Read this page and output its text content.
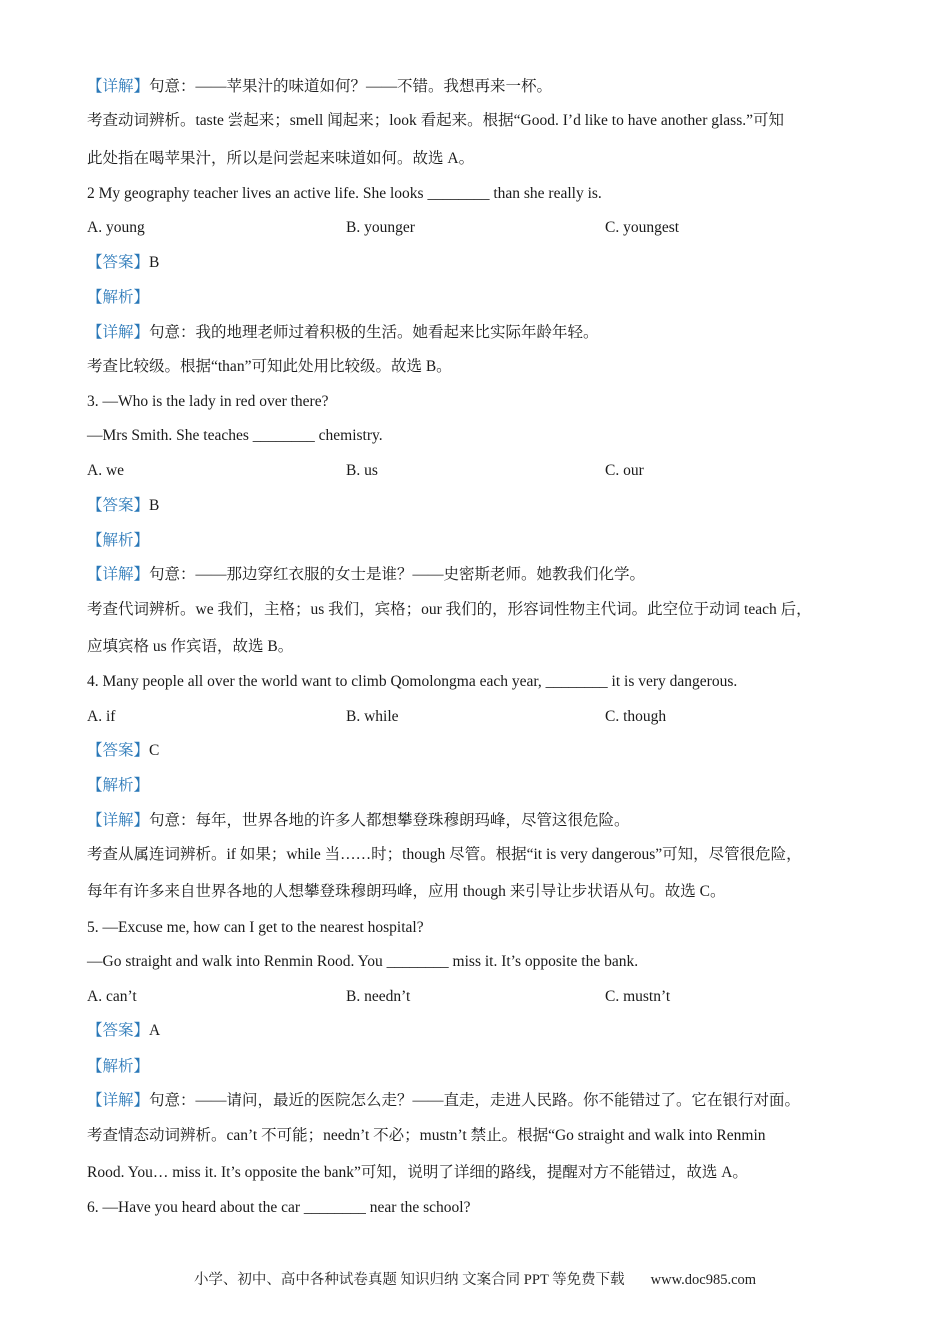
【详解】句意：——苹果汁的味道如何？——不错。我想再来一杯。
考查动词辨析。taste 尝起来；smell 闻起来；look 看起来。根据“Good. I’d like to have another glass.”可知
此处指在喝苹果汁，所以是问尝起来味道如何。故选 A。
2 My geography teacher lives an active life. She looks ________ than she really is.
A. young	B. younger	C. youngest
【答案】B
【解析】
【详解】句意：我的地理老师过着积极的生活。她看起来比实际年龄年轻。
考查比较级。根据“than”可知此处用比较级。故选 B。
3. —Who is the lady in red over there?
—Mrs Smith. She teaches ________ chemistry.
A. we	B. us	C. our
【答案】B
【解析】
【详解】句意：——那边穿红衣服的女士是谁？——史密斯老师。她教我们化学。
考查代词辨析。we 我们，主格；us 我们，宾格；our 我们的，形容词性物主代词。此空位于动词 teach 后，
应填宾格 us 作宾语，故选 B。
4. Many people all over the world want to climb Qomolongma each year, ________ it is very dangerous.
A. if	B. while	C. though
【答案】C
【解析】
【详解】句意：每年，世界各地的许多人都想攀登珠穆朗玛峰，尽管这很危险。
考查从属连词辨析。if 如果；while 当……时；though 尽管。根据“it is very dangerous”可知，尽管很危险，
每年有许多来自世界各地的人想攀登珠穆朗玛峰，应用 though 来引导让步状语从句。故选 C。
5. —Excuse me, how can I get to the nearest hospital?
—Go straight and walk into Renmin Rood. You ________ miss it. It’s opposite the bank.
A. can’t	B. needn’t	C. mustn’t
【答案】A
【解析】
【详解】句意：——请问，最近的医院怎么走？——直走，走进人民路。你不能错过了。它在银行对面。
考查情态动词辨析。can’t 不可能；needn’t 不必；mustn’t 禁止。根据“Go straight and walk into Renmin
Rood. You… miss it. It’s opposite the bank”可知，说明了详细的路线，提醒对方不能错过，故选 A。
6. —Have you heard about the car ________ near the school?
小学、初中、高中各种试卷真题 知识归纳 文案合同 PPT 等免费下载 www.doc985.com
